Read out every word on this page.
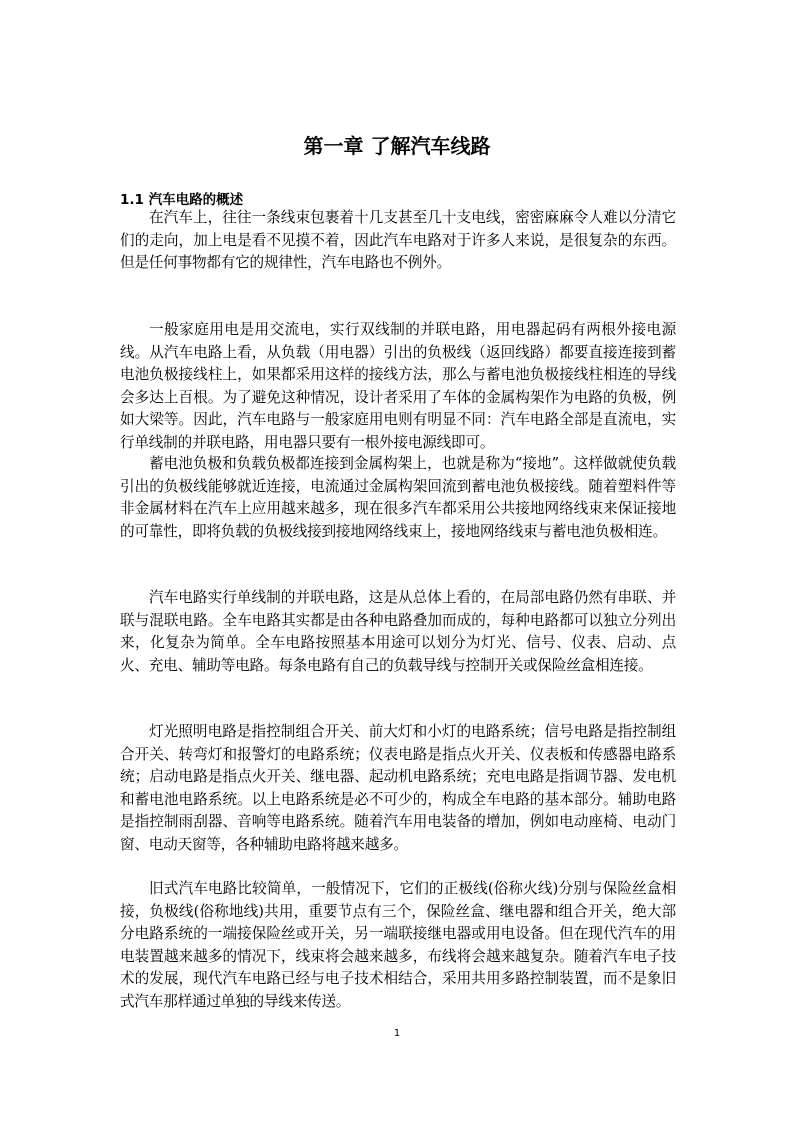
第一章 了解汽车线路
1.1 汽车电路的概述

在汽车上，往往一条线束包裹着十几支甚至几十支电线，密密麻麻令人难以分清它们的走向，加上电是看不见摸不着，因此汽车电路对于许多人来说，是很复杂的东西。但是任何事物都有它的规律性，汽车电路也不例外。

一般家庭用电是用交流电，实行双线制的并联电路，用电器起码有两根外接电源线。从汽车电路上看，从负载（用电器）引出的负极线（返回线路）都要直接连接到蓄电池负极接线柱上，如果都采用这样的接线方法，那么与蓄电池负极接线柱相连的导线会多达上百根。为了避免这种情况，设计者采用了车体的金属构架作为电路的负极，例如大梁等。因此，汽车电路与一般家庭用电则有明显不同：汽车电路全部是直流电，实行单线制的并联电路，用电器只要有一根外接电源线即可。

蓄电池负极和负载负极都连接到金属构架上，也就是称为“接地”。这样做就使负载引出的负极线能够就近连接，电流通过金属构架回流到蓄电池负极接线。随着塑料件等非金属材料在汽车上应用越来越多，现在很多汽车都采用公共接地网络线束来保证接地的可靠性，即将负载的负极线接到接地网络线束上，接地网络线束与蓄电池负极相连。

汽车电路实行单线制的并联电路，这是从总体上看的，在局部电路仍然有串联、并联与混联电路。全车电路其实都是由各种电路叠加而成的，每种电路都可以独立分列出来，化复杂为简单。全车电路按照基本用途可以划分为灯光、信号、仪表、启动、点火、充电、辅助等电路。每条电路有自己的负载导线与控制开关或保险丝盒相连接。

灯光照明电路是指控制组合开关、前大灯和小灯的电路系统；信号电路是指控制组合开关、转弯灯和报警灯的电路系统；仪表电路是指点火开关、仪表板和传感器电路系统；启动电路是指点火开关、继电器、起动机电路系统；充电电路是指调节器、发电机和蓄电池电路系统。以上电路系统是必不可少的，构成全车电路的基本部分。辅助电路是指控制雨刮器、音响等电路系统。随着汽车用电装备的增加，例如电动座椅、电动门窗、电动天窗等，各种辅助电路将越来越多。

旧式汽车电路比较简单，一般情况下，它们的正极线(俗称火线)分别与保险丝盒相接，负极线(俗称地线)共用，重要节点有三个，保险丝盒、继电器和组合开关，绝大部分电路系统的一端接保险丝或开关，另一端联接继电器或用电设备。但在现代汽车的用电装置越来越多的情况下，线束将会越来越多，布线将会越来越复杂。随着汽车电子技术的发展，现代汽车电路已经与电子技术相结合，采用共用多路控制装置，而不是象旧式汽车那样通过单独的导线来传送。

1
